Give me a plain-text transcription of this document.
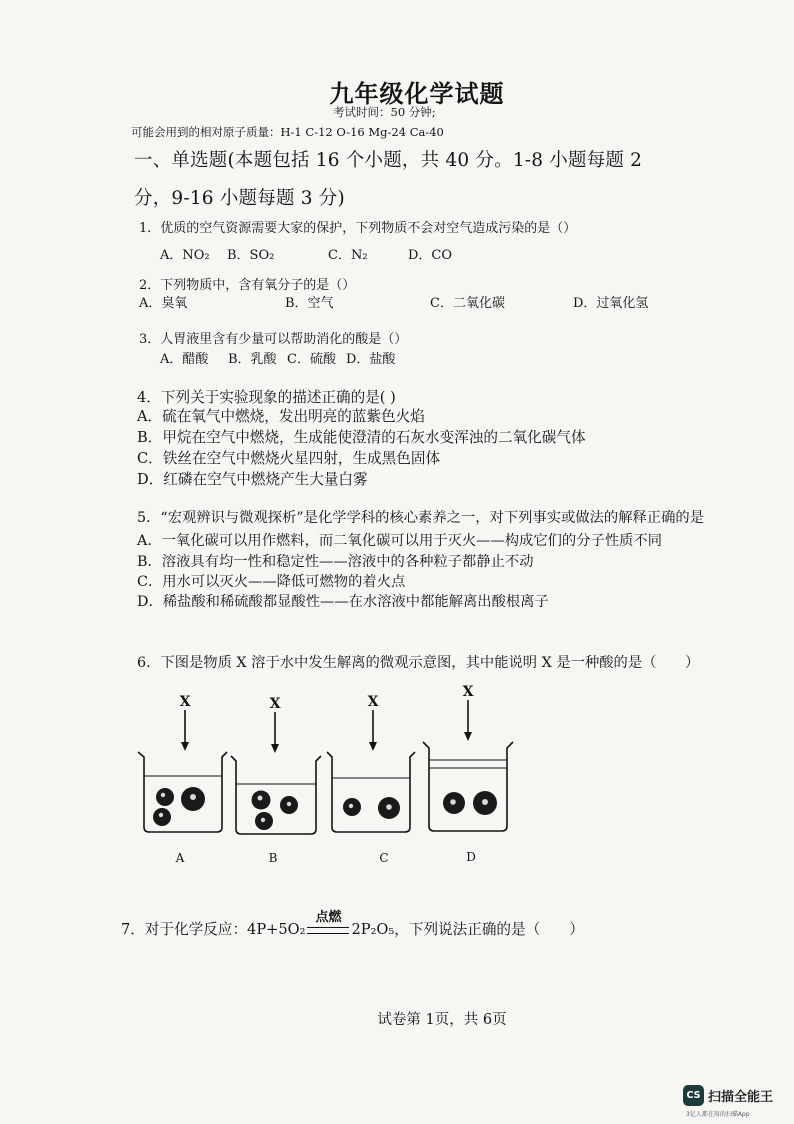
九年级化学试题
考试时间：50 分钟;
可能会用到的相对原子质量：H-1 C-12 O-16 Mg-24 Ca-40
一、单选题(本题包括 16 个小题，共 40 分。1-8 小题每题 2
分，9-16 小题每题 3 分)
1．优质的空气资源需要大家的保护，下列物质不会对空气造成污染的是（）
A．NO₂ B．SO₂	C．N₂	D．CO
2．下列物质中，含有氧分子的是（）
A．臭氧	B．空气	C．二氧化碳	D．过氧化氢
3．人胃液里含有少量可以帮助消化的酸是（）
A．醋酸 B．乳酸 C．硫酸 D．盐酸
4．下列关于实验现象的描述正确的是( )
A．硫在氧气中燃烧，发出明亮的蓝紫色火焰
B．甲烷在空气中燃烧，生成能使澄清的石灰水变浑浊的二氧化碳气体
C．铁丝在空气中燃烧火星四射，生成黑色固体
D．红磷在空气中燃烧产生大量白雾
5．“宏观辨识与微观探析”是化学学科的核心素养之一，对下列事实或做法的解释正确的是
A．一氧化碳可以用作燃料，而二氧化碳可以用于灭火——构成它们的分子性质不同
B．溶液具有均一性和稳定性——溶液中的各种粒子都静止不动
C．用水可以灭火——降低可燃物的着火点
D．稀盐酸和稀硫酸都显酸性——在水溶液中都能解离出酸根离子
6．下图是物质 X 溶于水中发生解离的微观示意图，其中能说明 X 是一种酸的是（　　）
X	X	X
X
A	B	C	D
7．对于化学反应：4P+5O₂
点燃
2P₂O₅，下列说法正确的是（　　）
试卷第 1页，共 6页
CS 扫描全能王
3亿人都在用的扫描App
